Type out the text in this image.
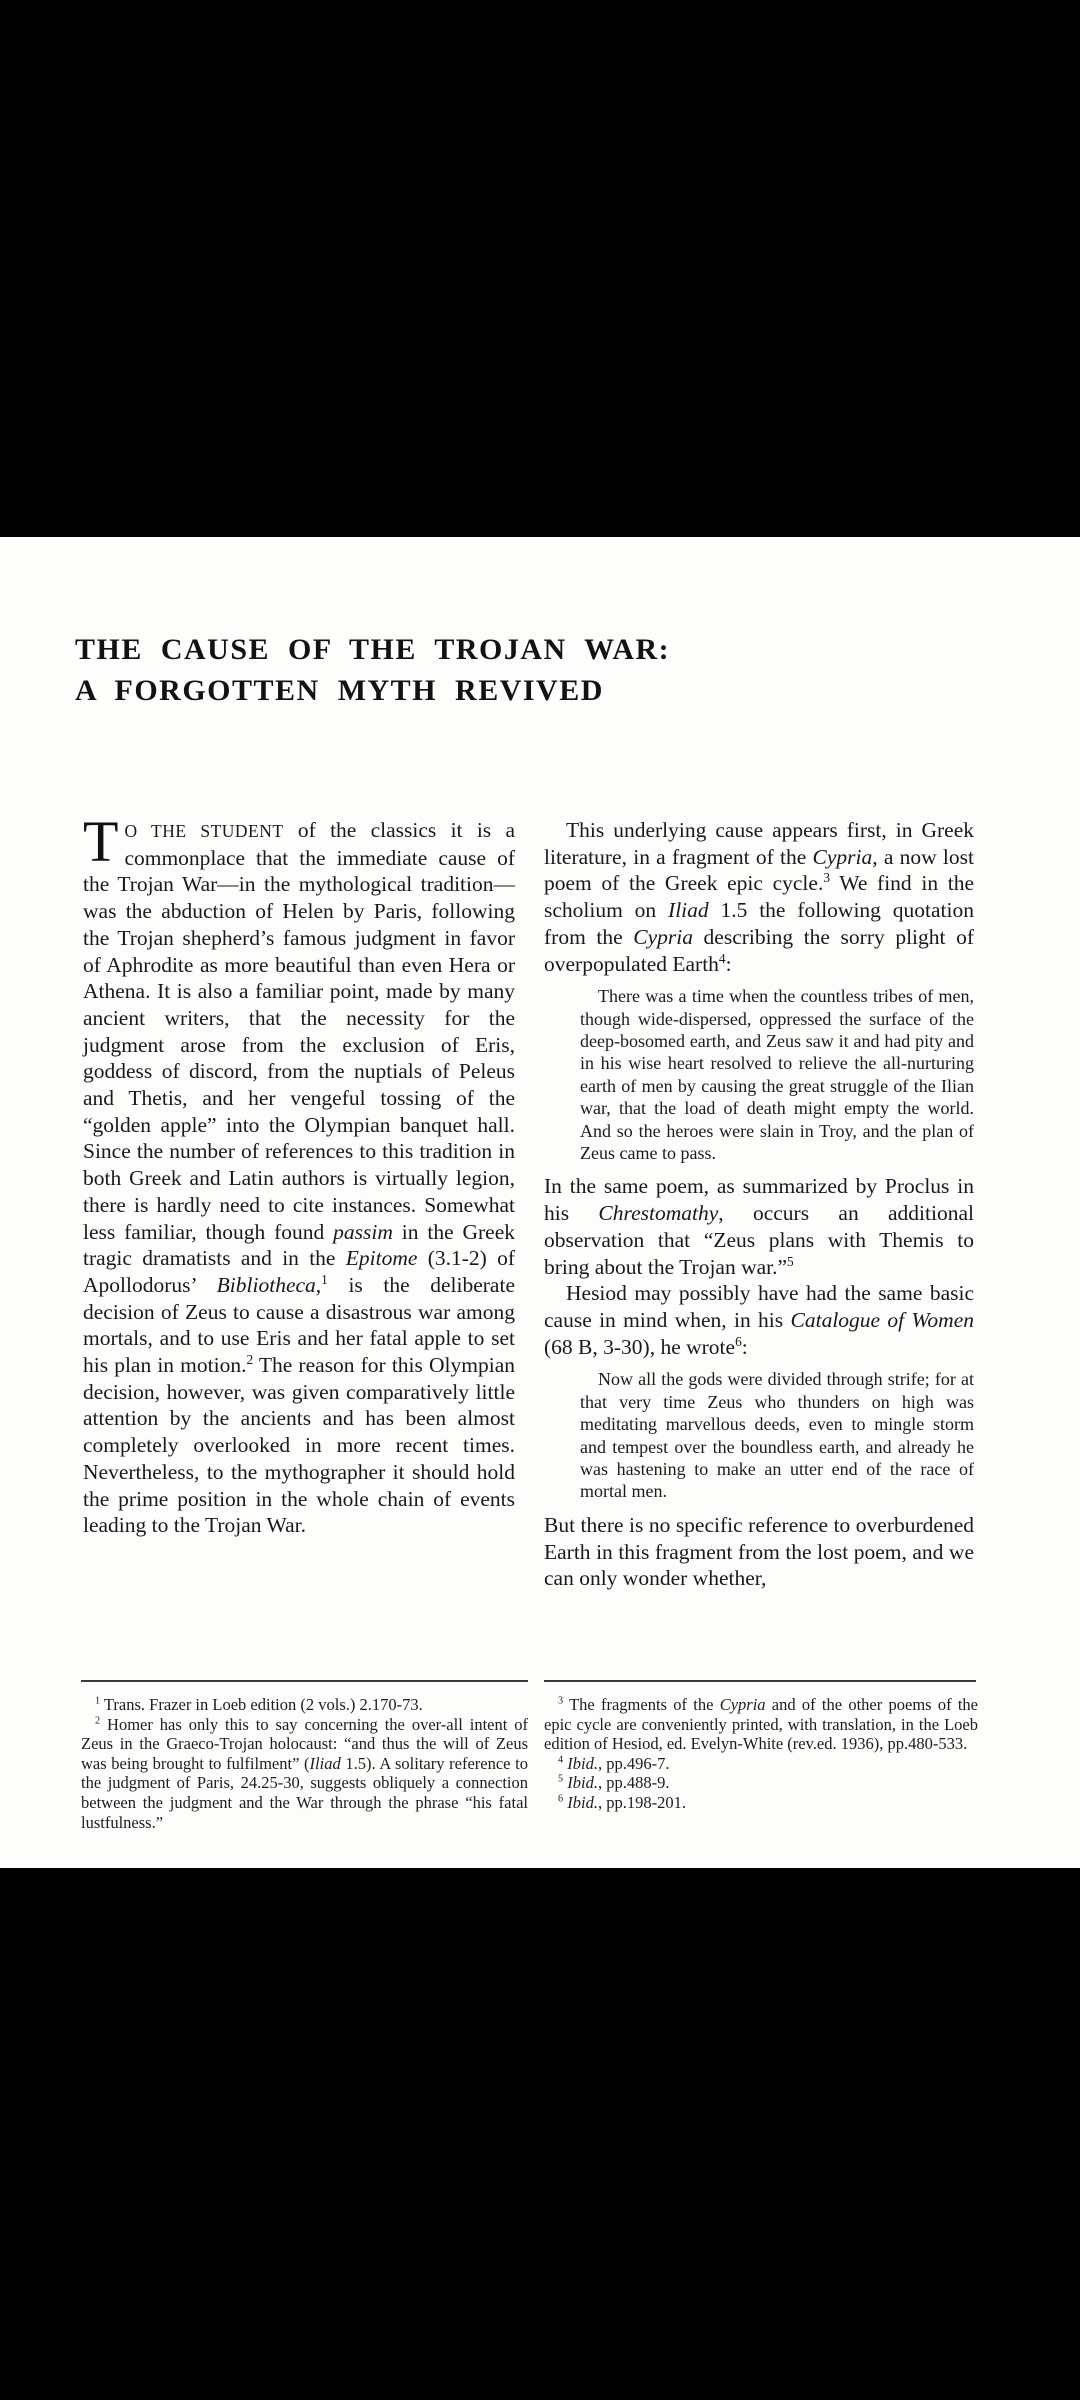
THE CAUSE OF THE TROJAN WAR:
A FORGOTTEN MYTH REVIVED

T O THE STUDENT of the classics it is a commonplace that the immediate cause of the Trojan War—in the mythological tradition—was the abduction of Helen by Paris, following the Trojan shepherd’s famous judgment in favor of Aphrodite as more beautiful than even Hera or Athena. It is also a familiar point, made by many ancient writers, that the necessity for the judgment arose from the exclusion of Eris, goddess of discord, from the nuptials of Peleus and Thetis, and her vengeful tossing of the “golden apple” into the Olympian banquet hall. Since the number of references to this tradition in both Greek and Latin authors is virtually legion, there is hardly need to cite instances. Somewhat less familiar, though found passim in the Greek tragic dramatists and in the Epitome (3.1-2) of Apollodorus’ Bibliotheca,$^1$ is the deliberate decision of Zeus to cause a disastrous war among mortals, and to use Eris and her fatal apple to set his plan in motion.$^2$ The reason for this Olympian decision, however, was given comparatively little attention by the ancients and has been almost completely overlooked in more recent times. Nevertheless, to the mythographer it should hold the prime position in the whole chain of events leading to the Trojan War.

This underlying cause appears first, in Greek literature, in a fragment of the Cypria, a now lost poem of the Greek epic cycle.$^3$ We find in the scholium on Iliad 1.5 the following quotation from the Cypria describing the sorry plight of overpopulated Earth$^4$:

There was a time when the countless tribes of men, though wide-dispersed, oppressed the surface of the deep-bosomed earth, and Zeus saw it and had pity and in his wise heart resolved to relieve the all-nurturing earth of men by causing the great struggle of the Ilian war, that the load of death might empty the world. And so the heroes were slain in Troy, and the plan of Zeus came to pass.

In the same poem, as summarized by Proclus in his Chrestomathy, occurs an additional observation that “Zeus plans with Themis to bring about the Trojan war.”$^5$

Hesiod may possibly have had the same basic cause in mind when, in his Catalogue of Women (68 B, 3-30), he wrote$^6$:

Now all the gods were divided through strife; for at that very time Zeus who thunders on high was meditating marvellous deeds, even to mingle storm and tempest over the boundless earth, and already he was hastening to make an utter end of the race of mortal men.

But there is no specific reference to overburdened Earth in this fragment from the lost poem, and we can only wonder whether,

$^1$ Trans. Frazer in Loeb edition (2 vols.) 2.170-73.

$^2$ Homer has only this to say concerning the over-all intent of Zeus in the Graeco-Trojan holocaust: “and thus the will of Zeus was being brought to fulfilment” (Iliad 1.5). A solitary reference to the judgment of Paris, 24.25-30, suggests obliquely a connection between the judgment and the War through the phrase “his fatal lustfulness.”

$^3$ The fragments of the Cypria and of the other poems of the epic cycle are conveniently printed, with translation, in the Loeb edition of Hesiod, ed. Evelyn-White (rev.ed. 1936), pp.480-533.

$^4$ Ibid., pp.496-7.

$^5$ Ibid., pp.488-9.

$^6$ Ibid., pp.198-201.
